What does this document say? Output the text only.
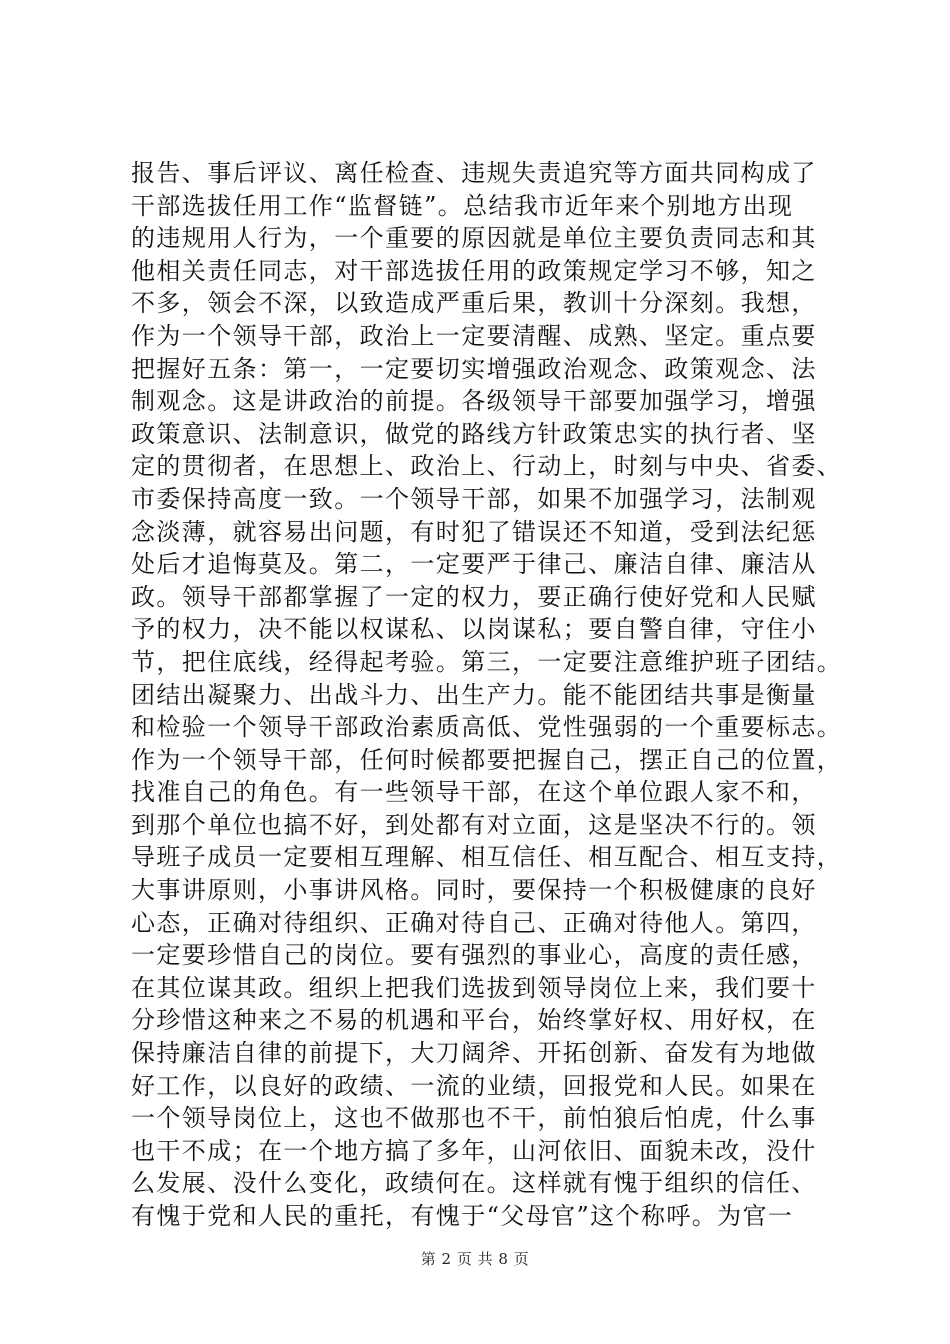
报告、事后评议、离任检查、违规失责追究等方面共同构成了
干部选拔任用工作“监督链”。总结我市近年来个别地方出现
的违规用人行为，一个重要的原因就是单位主要负责同志和其
他相关责任同志，对干部选拔任用的政策规定学习不够，知之
不多，领会不深，以致造成严重后果，教训十分深刻。我想，
作为一个领导干部，政治上一定要清醒、成熟、坚定。重点要
把握好五条：第一，一定要切实增强政治观念、政策观念、法
制观念。这是讲政治的前提。各级领导干部要加强学习，增强
政策意识、法制意识，做党的路线方针政策忠实的执行者、坚
定的贯彻者，在思想上、政治上、行动上，时刻与中央、省委、
市委保持高度一致。一个领导干部，如果不加强学习，法制观
念淡薄，就容易出问题，有时犯了错误还不知道，受到法纪惩
处后才追悔莫及。第二，一定要严于律己、廉洁自律、廉洁从
政。领导干部都掌握了一定的权力，要正确行使好党和人民赋
予的权力，决不能以权谋私、以岗谋私；要自警自律，守住小
节，把住底线，经得起考验。第三，一定要注意维护班子团结。
团结出凝聚力、出战斗力、出生产力。能不能团结共事是衡量
和检验一个领导干部政治素质高低、党性强弱的一个重要标志。
作为一个领导干部，任何时候都要把握自己，摆正自己的位置，
找准自己的角色。有一些领导干部，在这个单位跟人家不和，
到那个单位也搞不好，到处都有对立面，这是坚决不行的。领
导班子成员一定要相互理解、相互信任、相互配合、相互支持，
大事讲原则，小事讲风格。同时，要保持一个积极健康的良好
心态，正确对待组织、正确对待自己、正确对待他人。第四，
一定要珍惜自己的岗位。要有强烈的事业心，高度的责任感，
在其位谋其政。组织上把我们选拔到领导岗位上来，我们要十
分珍惜这种来之不易的机遇和平台，始终掌好权、用好权，在
保持廉洁自律的前提下，大刀阔斧、开拓创新、奋发有为地做
好工作，以良好的政绩、一流的业绩，回报党和人民。如果在
一个领导岗位上，这也不做那也不干，前怕狼后怕虎，什么事
也干不成；在一个地方搞了多年，山河依旧、面貌未改，没什
么发展、没什么变化，政绩何在。这样就有愧于组织的信任、
有愧于党和人民的重托，有愧于“父母官”这个称呼。为官一
第 2 页 共 8 页
